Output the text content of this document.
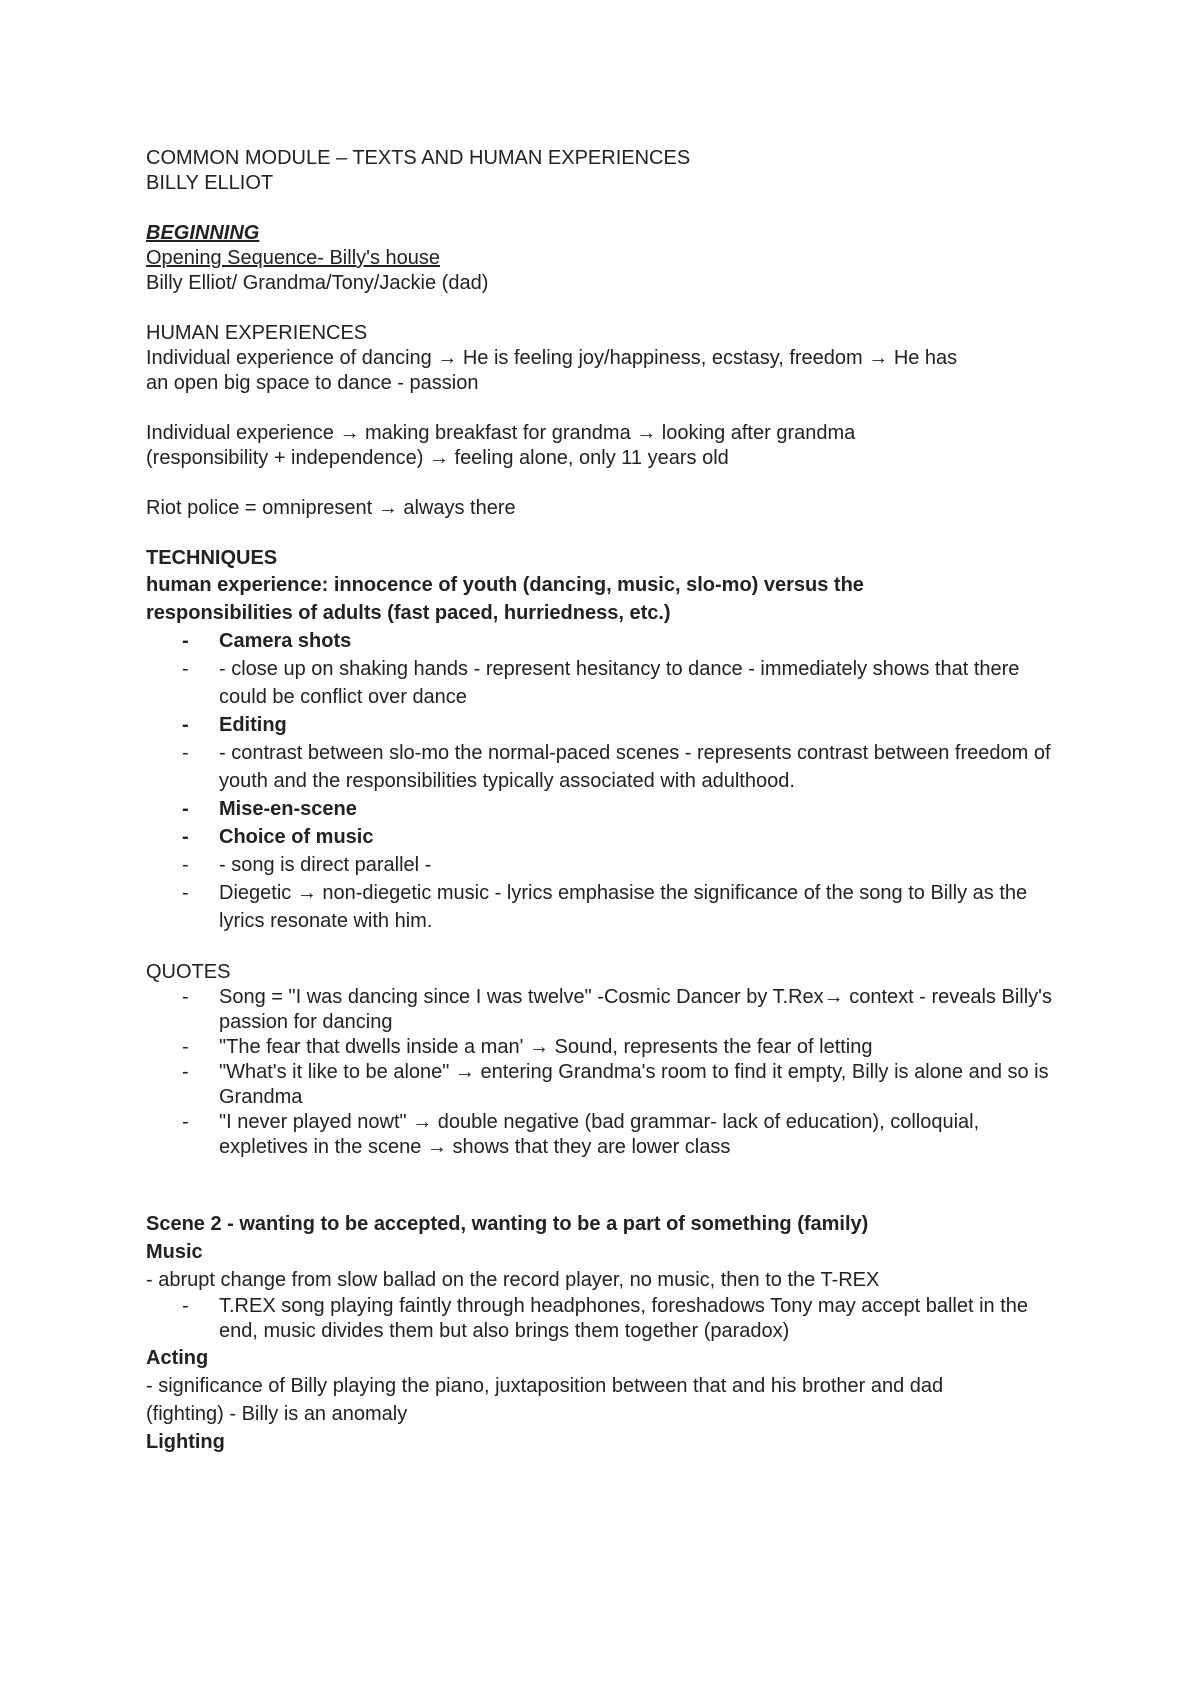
COMMON MODULE – TEXTS AND HUMAN EXPERIENCES

BILLY ELLIOT

BEGINNING

Opening Sequence- Billy's house

Billy Elliot/ Grandma/Tony/Jackie (dad)

HUMAN EXPERIENCES

Individual experience of dancing → He is feeling joy/happiness, ecstasy, freedom → He has

an open big space to dance - passion

Individual experience → making breakfast for grandma → looking after grandma

(responsibility + independence) → feeling alone, only 11 years old

Riot police = omnipresent → always there

TECHNIQUES

human experience: innocence of youth (dancing, music, slo-mo) versus the

responsibilities of adults (fast paced, hurriedness, etc.)

- Camera shots
- - close up on shaking hands - represent hesitancy to dance - immediately shows that there could be conflict over dance
- Editing
- - contrast between slo-mo the normal-paced scenes - represents contrast between freedom of youth and the responsibilities typically associated with adulthood.
- Mise-en-scene
- Choice of music
- - song is direct parallel -
- Diegetic → non-diegetic music - lyrics emphasise the significance of the song to Billy as the lyrics resonate with him.

QUOTES

- Song = "I was dancing since I was twelve" -Cosmic Dancer by T.Rex→ context - reveals Billy's passion for dancing
- "The fear that dwells inside a man' → Sound, represents the fear of letting
- "What's it like to be alone" → entering Grandma's room to find it empty, Billy is alone and so is Grandma
- "I never played nowt" → double negative (bad grammar- lack of education), colloquial, expletives in the scene → shows that they are lower class

Scene 2 - wanting to be accepted, wanting to be a part of something (family)

Music

- abrupt change from slow ballad on the record player, no music, then to the T-REX

- T.REX song playing faintly through headphones, foreshadows Tony may accept ballet in the end, music divides them but also brings them together (paradox)

Acting

- significance of Billy playing the piano, juxtaposition between that and his brother and dad

(fighting) - Billy is an anomaly

Lighting
